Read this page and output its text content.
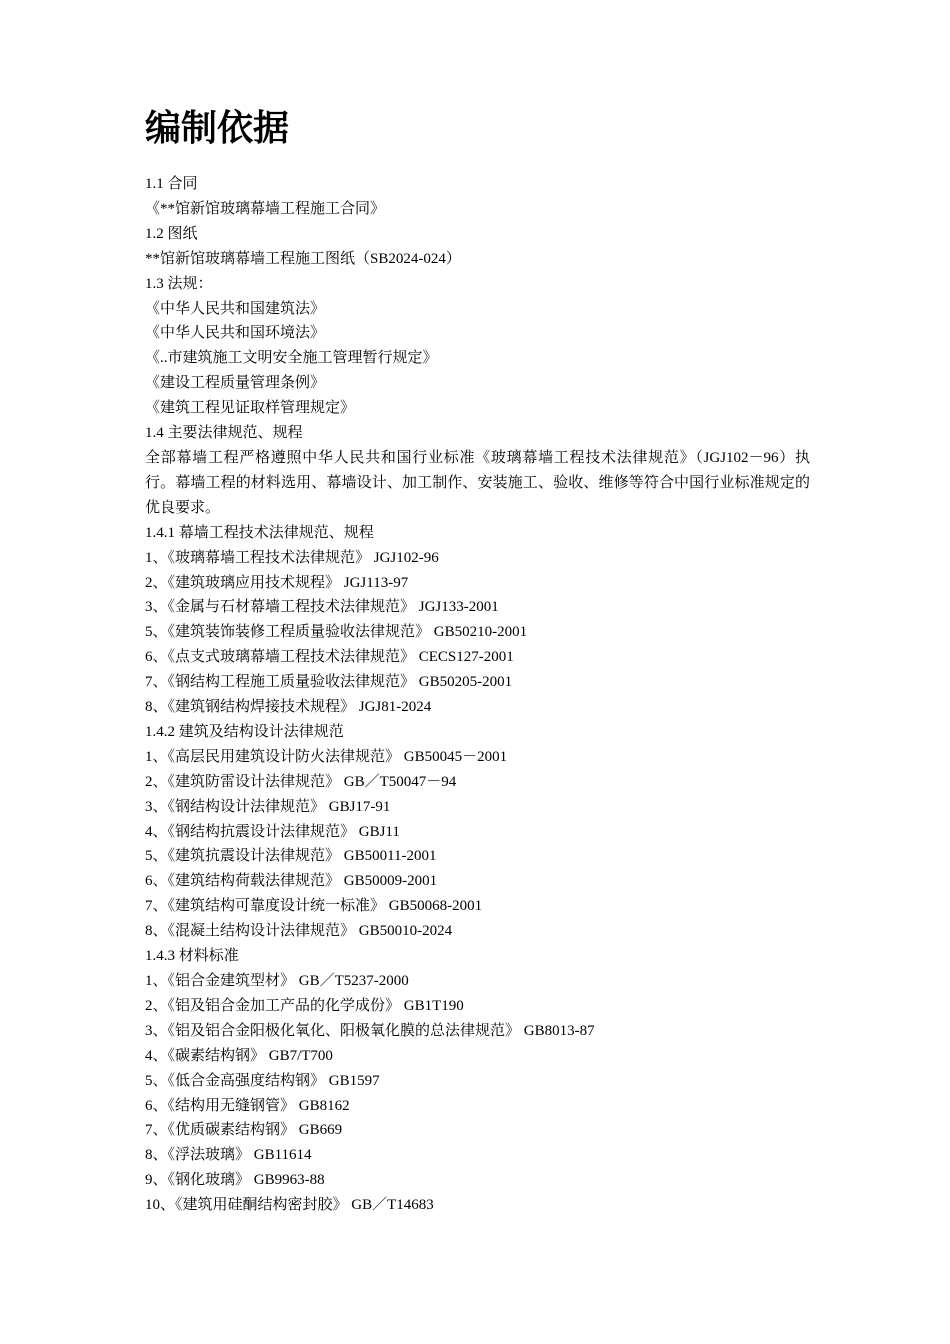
编制依据
1.1 合同
《**馆新馆玻璃幕墙工程施工合同》
1.2 图纸
**馆新馆玻璃幕墙工程施工图纸（SB2024-024）
1.3 法规：
《中华人民共和国建筑法》
《中华人民共和国环境法》
《..市建筑施工文明安全施工管理暂行规定》
《建设工程质量管理条例》
《建筑工程见证取样管理规定》
1.4 主要法律规范、规程
全部幕墙工程严格遵照中华人民共和国行业标准《玻璃幕墙工程技术法律规范》（JGJ102－96）执行。幕墙工程的材料选用、幕墙设计、加工制作、安装施工、验收、维修等符合中国行业标准规定的优良要求。
1.4.1 幕墙工程技术法律规范、规程
1、《玻璃幕墙工程技术法律规范》 JGJ102-96
2、《建筑玻璃应用技术规程》 JGJ113-97
3、《金属与石材幕墙工程技术法律规范》 JGJ133-2001
5、《建筑装饰装修工程质量验收法律规范》 GB50210-2001
6、《点支式玻璃幕墙工程技术法律规范》 CECS127-2001
7、《钢结构工程施工质量验收法律规范》 GB50205-2001
8、《建筑钢结构焊接技术规程》 JGJ81-2024
1.4.2 建筑及结构设计法律规范
1、《高层民用建筑设计防火法律规范》 GB50045－2001
2、《建筑防雷设计法律规范》 GB／T50047－94
3、《钢结构设计法律规范》 GBJ17-91
4、《钢结构抗震设计法律规范》 GBJ11
5、《建筑抗震设计法律规范》 GB50011-2001
6、《建筑结构荷载法律规范》 GB50009-2001
7、《建筑结构可靠度设计统一标准》 GB50068-2001
8、《混凝土结构设计法律规范》 GB50010-2024
1.4.3 材料标准
1、《铝合金建筑型材》 GB／T5237-2000
2、《铝及铝合金加工产品的化学成份》 GB1T190
3、《铝及铝合金阳极化氧化、阳极氧化膜的总法律规范》 GB8013-87
4、《碳素结构钢》 GB7/T700
5、《低合金高强度结构钢》 GB1597
6、《结构用无缝钢管》 GB8162
7、《优质碳素结构钢》 GB669
8、《浮法玻璃》 GB11614
9、《钢化玻璃》 GB9963-88
10、《建筑用硅酮结构密封胶》 GB／T14683
